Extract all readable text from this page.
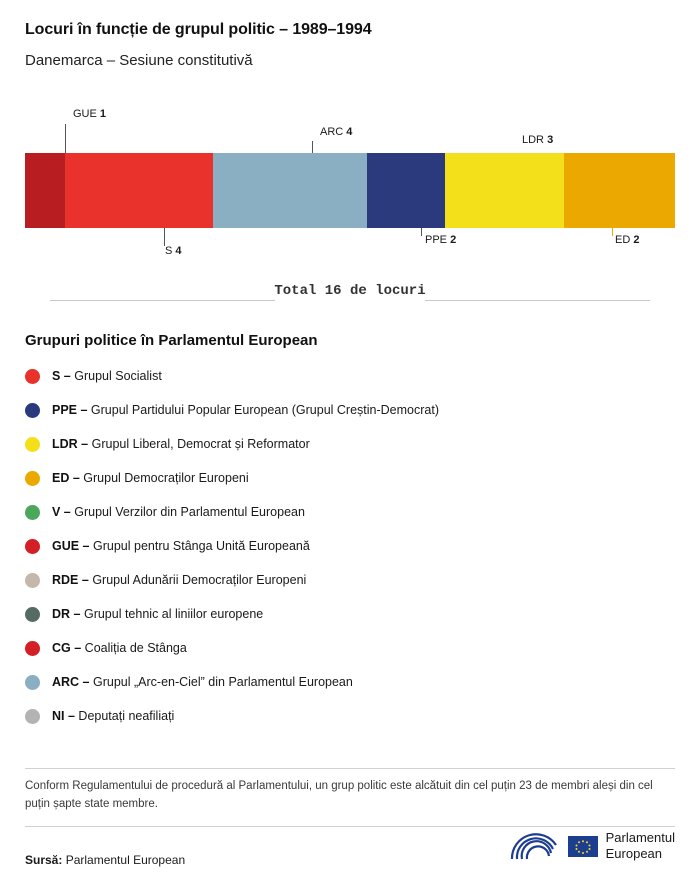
Locuri în funcție de grupul politic – 1989–1994
Danemarca – Sesiune constitutivă
GUE 1
ARC 4
LDR 3
S 4
PPE 2	ED 2
Total 16 de locuri
Grupuri politice în Parlamentul European
S – Grupul Socialist
PPE – Grupul Partidului Popular European (Grupul Creștin-Democrat)
LDR – Grupul Liberal, Democrat și Reformator
ED – Grupul Democraților Europeni
V – Grupul Verzilor din Parlamentul European
GUE – Grupul pentru Stânga Unită Europeană
RDE – Grupul Adunării Democraților Europeni
DR – Grupul tehnic al liniilor europene
CG – Coaliția de Stânga
ARC – Grupul „Arc-en-Ciel” din Parlamentul European
NI – Deputați neafiliați
Conform Regulamentului de procedură al Parlamentului, un grup politic este alcătuit din cel puțin 23 de membri aleși din cel puțin șapte state membre.
Sursă: Parlamentul European
Parlamentul
European
